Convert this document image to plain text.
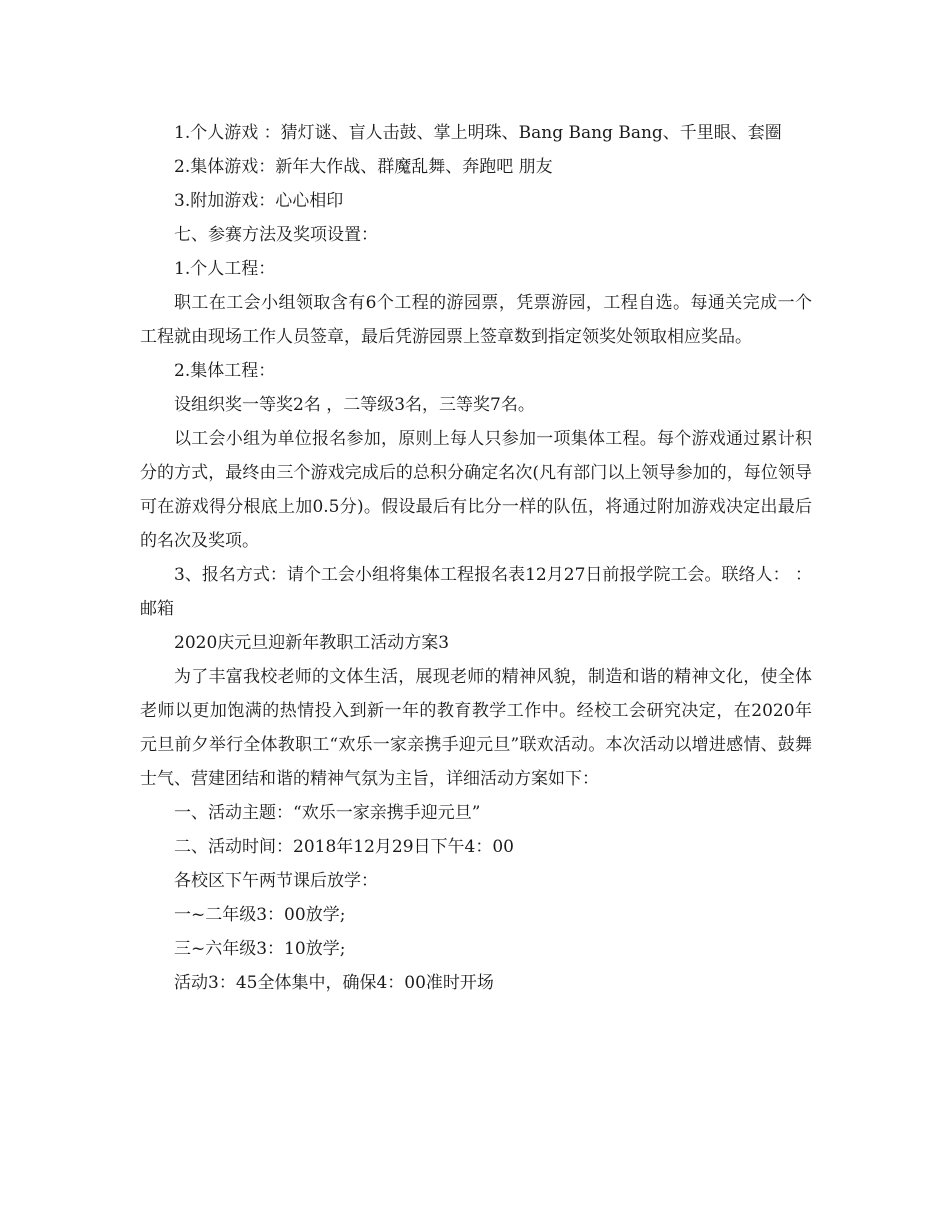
1.个人游戏 ：猜灯谜、盲人击鼓、掌上明珠、Bang Bang Bang、千里眼、套圈

2.集体游戏：新年大作战、群魔乱舞、奔跑吧 朋友

3.附加游戏：心心相印

七、参赛方法及奖项设置：

1.个人工程：

职工在工会小组领取含有6个工程的游园票，凭票游园，工程自选。每通关完成一个工程就由现场工作人员签章，最后凭游园票上签章数到指定领奖处领取相应奖品。

2.集体工程：

设组织奖一等奖2名 ，二等级3名，三等奖7名。

以工会小组为单位报名参加，原则上每人只参加一项集体工程。每个游戏通过累计积分的方式，最终由三个游戏完成后的总积分确定名次(凡有部门以上领导参加的，每位领导可在游戏得分根底上加0.5分)。假设最后有比分一样的队伍，将通过附加游戏决定出最后的名次及奖项。

3、报名方式：请个工会小组将集体工程报名表12月27日前报学院工会。联络人： ： 邮箱

2020庆元旦迎新年教职工活动方案3

为了丰富我校老师的文体生活，展现老师的精神风貌，制造和谐的精神文化，使全体老师以更加饱满的热情投入到新一年的教育教学工作中。经校工会研究决定，在2020年元旦前夕举行全体教职工“欢乐一家亲携手迎元旦”联欢活动。本次活动以增进感情、鼓舞士气、营建团结和谐的精神气氛为主旨，详细活动方案如下：

一、活动主题：“欢乐一家亲携手迎元旦”

二、活动时间：2018年12月29日下午4：00

各校区下午两节课后放学：

一~二年级3：00放学;

三~六年级3：10放学;

活动3：45全体集中，确保4：00准时开场
